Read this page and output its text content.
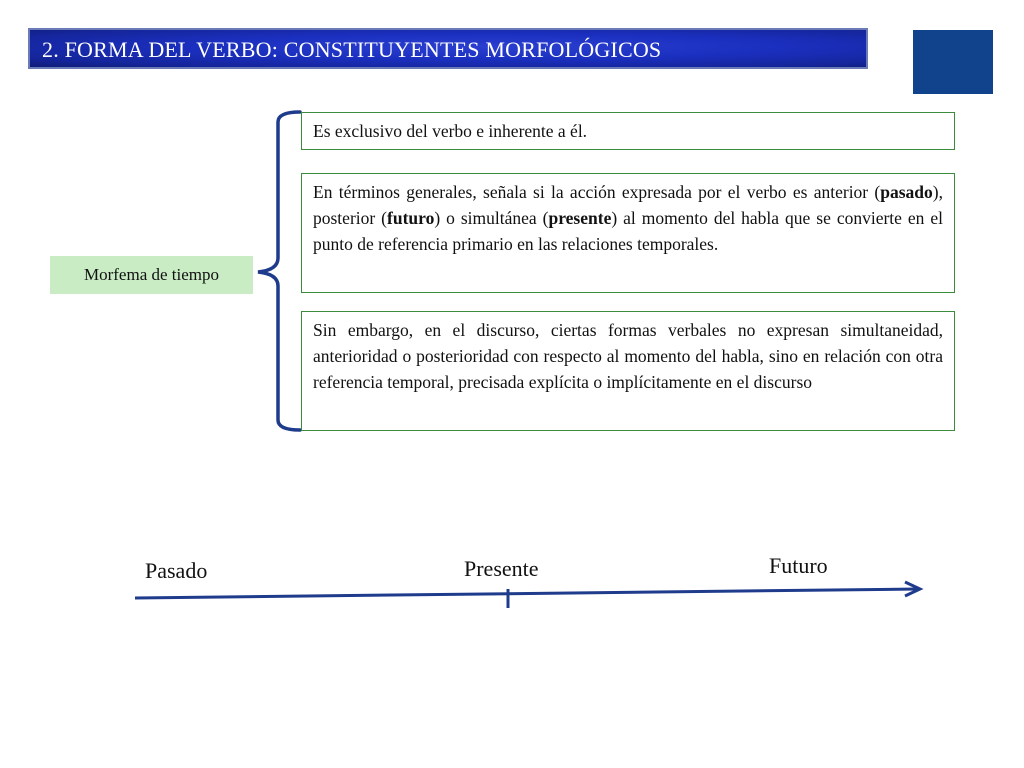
2. FORMA DEL VERBO: CONSTITUYENTES MORFOLÓGICOS
Morfema de tiempo
Es exclusivo del verbo e inherente a él.
En términos generales, señala si la acción expresada por el verbo es anterior (pasado), posterior (futuro) o simultánea (presente) al momento del habla que se convierte en el punto de referencia primario en las relaciones temporales.
Sin embargo, en el discurso, ciertas formas verbales no expresan simultaneidad, anterioridad o posterioridad con respecto al momento del habla, sino en relación con otra referencia temporal, precisada explícita o implícitamente en el discurso
Pasado	Presente	Futuro
